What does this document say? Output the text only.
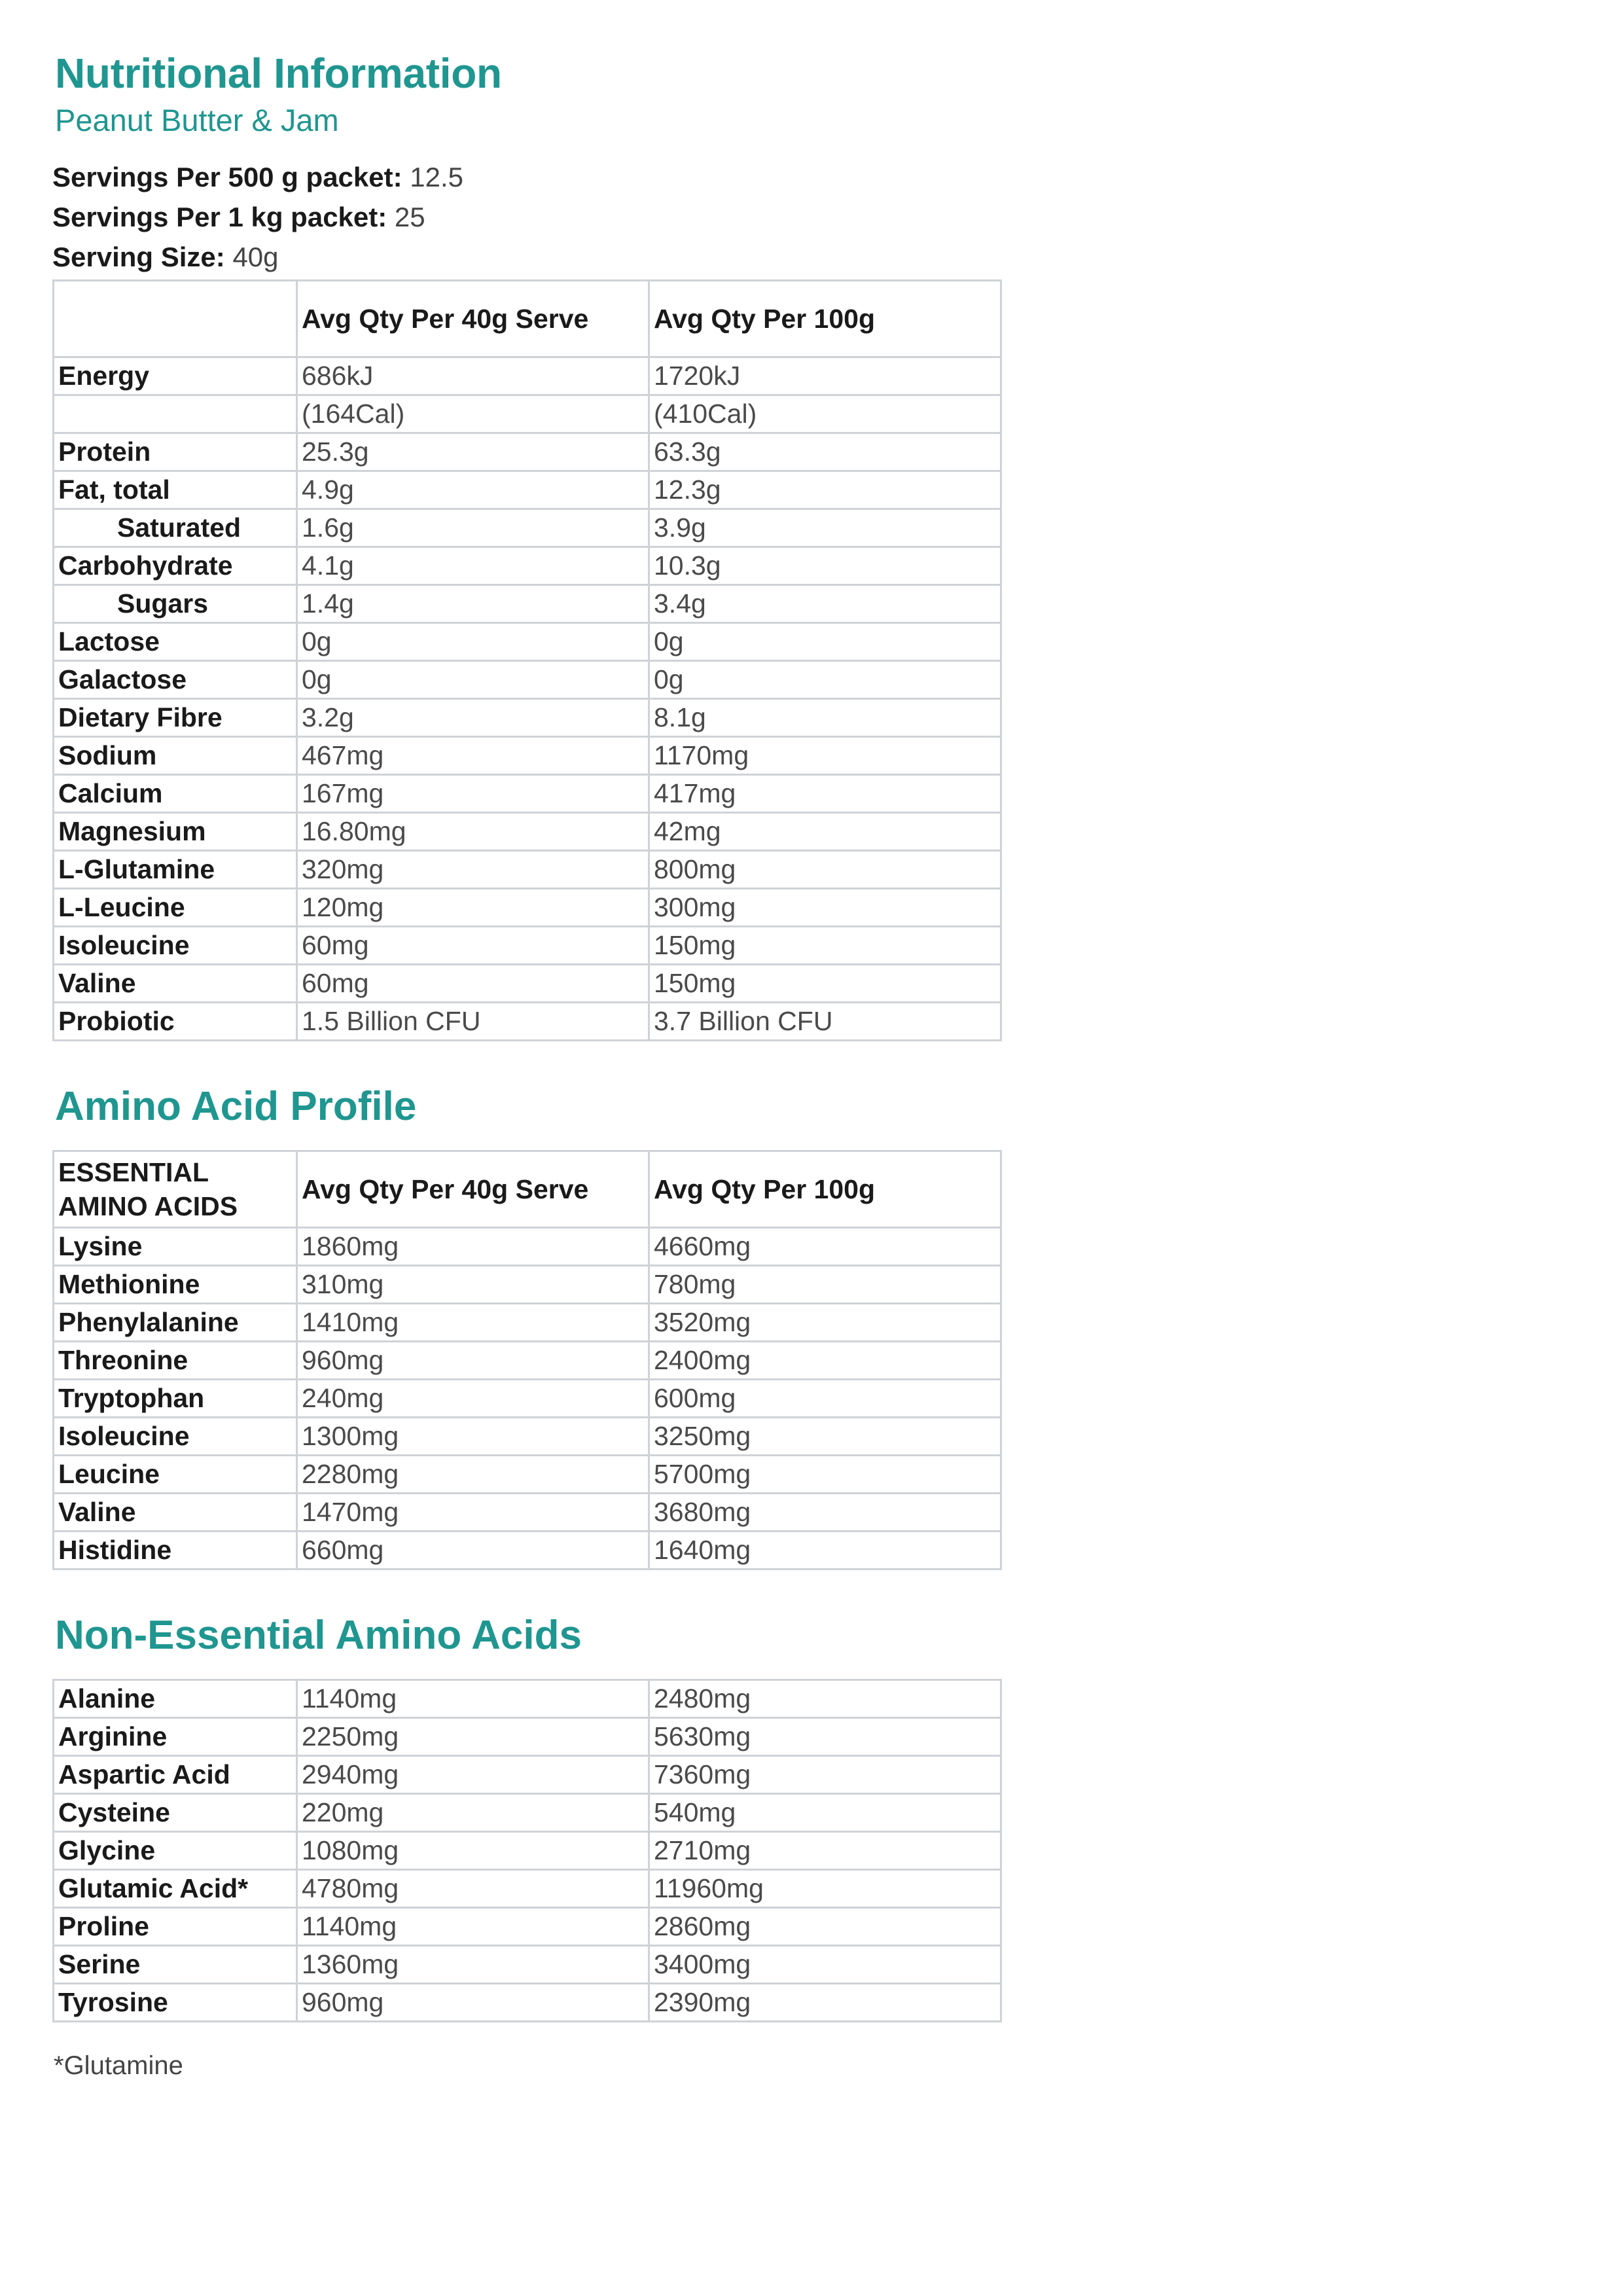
Nutritional Information
Peanut Butter & Jam
Servings Per 500 g packet: 12.5
Servings Per 1 kg packet: 25
Serving Size: 40g
	Avg Qty Per 40g Serve	Avg Qty Per 100g
Energy	686kJ	1720kJ
	(164Cal)	(410Cal)
Protein	25.3g	63.3g
Fat, total	4.9g	12.3g
Saturated	1.6g	3.9g
Carbohydrate	4.1g	10.3g
Sugars	1.4g	3.4g
Lactose	0g	0g
Galactose	0g	0g
Dietary Fibre	3.2g	8.1g
Sodium	467mg	1170mg
Calcium	167mg	417mg
Magnesium	16.80mg	42mg
L-Glutamine	320mg	800mg
L-Leucine	120mg	300mg
Isoleucine	60mg	150mg
Valine	60mg	150mg
Probiotic	1.5 Billion CFU	3.7 Billion CFU
Amino Acid Profile
ESSENTIAL AMINO ACIDS	Avg Qty Per 40g Serve	Avg Qty Per 100g
Lysine	1860mg	4660mg
Methionine	310mg	780mg
Phenylalanine	1410mg	3520mg
Threonine	960mg	2400mg
Tryptophan	240mg	600mg
Isoleucine	1300mg	3250mg
Leucine	2280mg	5700mg
Valine	1470mg	3680mg
Histidine	660mg	1640mg
Non-Essential Amino Acids
Alanine	1140mg	2480mg
Arginine	2250mg	5630mg
Aspartic Acid	2940mg	7360mg
Cysteine	220mg	540mg
Glycine	1080mg	2710mg
Glutamic Acid*	4780mg	11960mg
Proline	1140mg	2860mg
Serine	1360mg	3400mg
Tyrosine	960mg	2390mg
*Glutamine
